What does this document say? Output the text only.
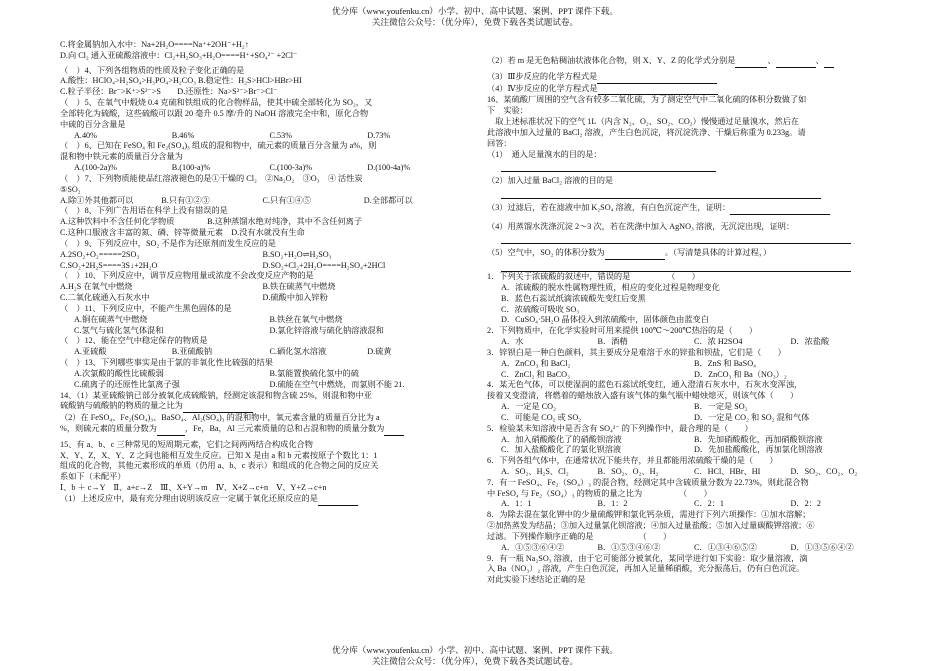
优分库（www.youfenku.cn）小学、初中、高中试题、案例、PPT 课件下载。
关注微信公众号：（优分库），免费下载各类试题试卷。
C.将金属钠加入水中：Na+2H₂O====Na⁺+2OH⁻+H₂↑
D.向 Cl₂ 通入亚硫酸溶液中：Cl₂+H₂SO₃+H₂O====H⁺+SO₄²⁻ +2Cl⁻
（　）4、下列各组物质的性质及粒子变化正确的是
A.酸性：HClO₄>H₂SO₄>H₃PO₄>H₂CO₃ B.稳定性：H₂S>HCl>HBr>HI
C.粒子半径：Br⁻>K⁺>S²⁻>S　　D.还原性：Na>S²⁻>Br⁻>Cl⁻
（　）5、在氧气中煅烧 0.4 克硫和铁组成的化合物样品，使其中硫全部转化为 SO₂，又
全部转化为硫酸，这些硫酸可以跟 20 毫升 0.5 摩/升的 NaOH 溶液完全中和，原化合物
中硫的百分含量是
A.40%	B.46%	C.53%	D.73%
（　）6、已知在 FeSO₄ 和 Fe₂(SO₄)₃ 组成的混和物中，硫元素的质量百分含量为 a%，则
混和物中铁元素的质量百分含量为
A.(100-2a)%	B.(100-a)%	C.(100-3a)%	D.(100-4a)%
（　）7、下列物质能使品红溶液褪色的是①干燥的 Cl₂　②Na₂O₂　③O₃　④ 活性炭
⑤SO₂
A.除①外其他都可以	B.只有①②③	C.只有①④⑤	D.全部都可以
（　）8、下列广告用语在科学上没有错误的是
A.这种饮料中不含任何化学物质　　　　B.这种蒸馏水绝对纯净，其中不含任何离子
C.这种口服液含丰富的氮、磷、锌等微量元素　D.没有水就没有生命
（　）9、下列反应中，SO₂ 不是作为还原剂而发生反应的是
A.2SO₂+O₂=====2SO₃	B.SO₂+H₂O⇌H₂SO₃
C.SO₂+2H₂S====3S↓+2H₂O	D.SO₂+Cl₂+2H₂O====H₂SO₄+2HCl
（　）10、下列反应中，调节反应物用量或浓度不会改变反应产物的是
A.H₂S 在氧气中燃烧	B.铁在硫蒸气中燃烧
C.二氧化硫通入石灰水中	D.硫酸中加入锌粉
（　）11、下列反应中，不能产生黑色固体的是
A.铜在硫蒸气中燃烧	B.铁丝在氧气中燃烧
C.氢气与硫化氢气体混和	D.氯化锌溶液与硫化钠溶液混和
（　）12、能在空气中稳定保存的物质是
A.亚硫酸	B.亚硫酸钠	C.硒化氢水溶液	D.硫黄
（　）13、下列哪些事实是由于氯的非氧化性比硫强的结果
A.次氯酸的酸性比硫酸弱	B.氯能置换硫化氢中的硫
C.硫离子的还原性比氯离子强	D.硫能在空气中燃烧，而氯则不能 21.
14、（1）某亚硫酸钠已部分被氧化成硫酸钠，经测定该混和物含硫 25%，则混和物中亚
硫酸钠与硫酸钠的物质的量之比为
（2）在 FeSO₄、Fe₂(SO₄)₃、BaSO₄、Al₂(SO₄)₃ 的混和物中，氧元素含量的质量百分比为 a
%，则硫元素的质量分数为	，Fe，Ba，Al 三元素质量的总和占混和物的质量分数为
15、有 a、b、c 三种常见的短周期元素，它们之间两两结合构成化合物
X、Y、Z，X、Y、Z 之间也能相互发生反应。已知 X 是由 a 和 b 元素按原子个数比 1：1
组成的化合物，其他元素形成的单质（仍用 a、b、c 表示）和组成的化合物之间的反应关
系如下（未配平）
Ⅰ、b ＋ c→Y　Ⅱ、a+c→Z　Ⅲ、X+Y→m　Ⅳ、X+Z→c+n　Ⅴ、Y+Z→c+n
（1）上述反应中，最有充分理由说明该反应一定属于氧化还原反应的是
（2）若 m 是无色粘稠油状液体化合物，则 X、Y、Z 的化学式分别是	、	、
（3）Ⅲ步反应的化学方程式是
（4）Ⅳ步反应的化学方程式是
16、某硫酸厂周围的空气含有较多二氧化硫，为了测定空气中二氧化硫的体积分数做了如
下　实验：
　取上述标准状况下的空气 1L（内含 N₂、O₂、SO₂、CO₂）慢慢通过足量溴水，然后在
此溶液中加入过量的 BaCl₂ 溶液，产生白色沉淀，将沉淀洗净、干燥后称重为 0.233g。请
回答：
（1）　通入足量溴水的目的是：

（2）加入过量 BaCl₂ 溶液的目的是

（3）过滤后，若在滤液中加 K₂SO₄ 溶液，有白色沉淀产生，证明：
（4）用蒸馏水洗涤沉淀 2～3 次，若在洗涤中加入 AgNO₃ 溶液，无沉淀出现，证明：

（5）空气中，SO₂ 的体积分数为	。（写清楚具体的计算过程，）

1．下列关于浓硫酸的叙述中，错误的是　　　　　（　　）
A．浓硫酸的脱水性属物理性质，相应的变化过程是物理变化
B．蓝色石蕊试纸滴浓硫酸先变红后变黑
C．浓硫酸可吸收 SO₃
D．CuSO₄·5H₂O 晶体投入到浓硫酸中，固体颜色由蓝变白
2．下列物质中，在化学实验时可用来提供 100℃～200℃热浴的是（　　）
A．水	B．酒精	C．浓 H2SO4	D．浓盐酸
3．锌钡白是一种白色颜料，其主要成分是难溶于水的锌盐和钡盐，它们是（　　）
A．ZnCO₃ 和 BaCl₂	B．ZnS 和 BaSO₄
C．ZnCl₂ 和 BaCO₃	D．ZnCO₃ 和 Ba（NO₃）₂
4．某无色气体，可以使湿润的蓝色石蕊试纸变红，通入澄清石灰水中，石灰水变浑浊，
接着又变澄清，将燃着的蜡烛放入盛有该气体的集气瓶中蜡烛熄灭，则该气体（　　）
A．一定是 CO₂	B．一定是 SO₂
C．可能是 CO₂ 或 SO₂	D．一定是 CO₂ 和 SO₂ 混和气体
5．检验某未知溶液中是否含有 SO₄²⁻ 的下列操作中，最合理的是（　　）
A．加入硝酸酸化了的硝酸钡溶液	B．先加硝酸酸化，再加硝酸钡溶液
C．加入盐酸酸化了的氯化钡溶液	D．先加盐酸酸化，再加氯化钡溶液
6．下列各组气体中，在通常状况下能共存，并且都能用浓硫酸干燥的是（　　）
A．SO₂、H₂S、Cl₂	B．SO₂、O₂、H₂	C．HCl、HBr、HI	D．SO₂、CO₂、O₂
7．有一 FeSO₄、Fe₂（SO₄）₃ 的混合物，经测定其中含硫质量分数为 22.73%，则此混合物
中 FeSO₄ 与 Fe₂（SO₄）₃ 的物质的量之比为　　　　　（　　）
A．1：1	B．1：2	C．2：1	D．2：2
8．为除去混在氯化钾中的少量硫酸钾和氯化钙杂质，需进行下列六项操作：①加水溶解；
②加热蒸发为结晶；③加入过量氯化钡溶液；④加入过量盐酸；⑤加入过量碳酸钾溶液；⑥
过滤。下列操作顺序正确的是　　　　　　（　　）
A．①⑤③⑥④②	B．①⑤③④⑥②	C．①③④⑥⑤②	D．①③⑤⑥④②
9．有一瓶 Na₂SO₃ 溶液，由于它可能部分被氧化，某同学进行如下实验：取少量溶液，滴
入 Ba（NO₃）₂ 溶液，产生白色沉淀，再加入足量稀硝酸，充分振荡后，仍有白色沉淀。
对此实验下述结论正确的是
优分库（www.youfenku.cn）小学、初中、高中试题、案例、PPT 课件下载。
关注微信公众号：（优分库），免费下载各类试题试卷。
